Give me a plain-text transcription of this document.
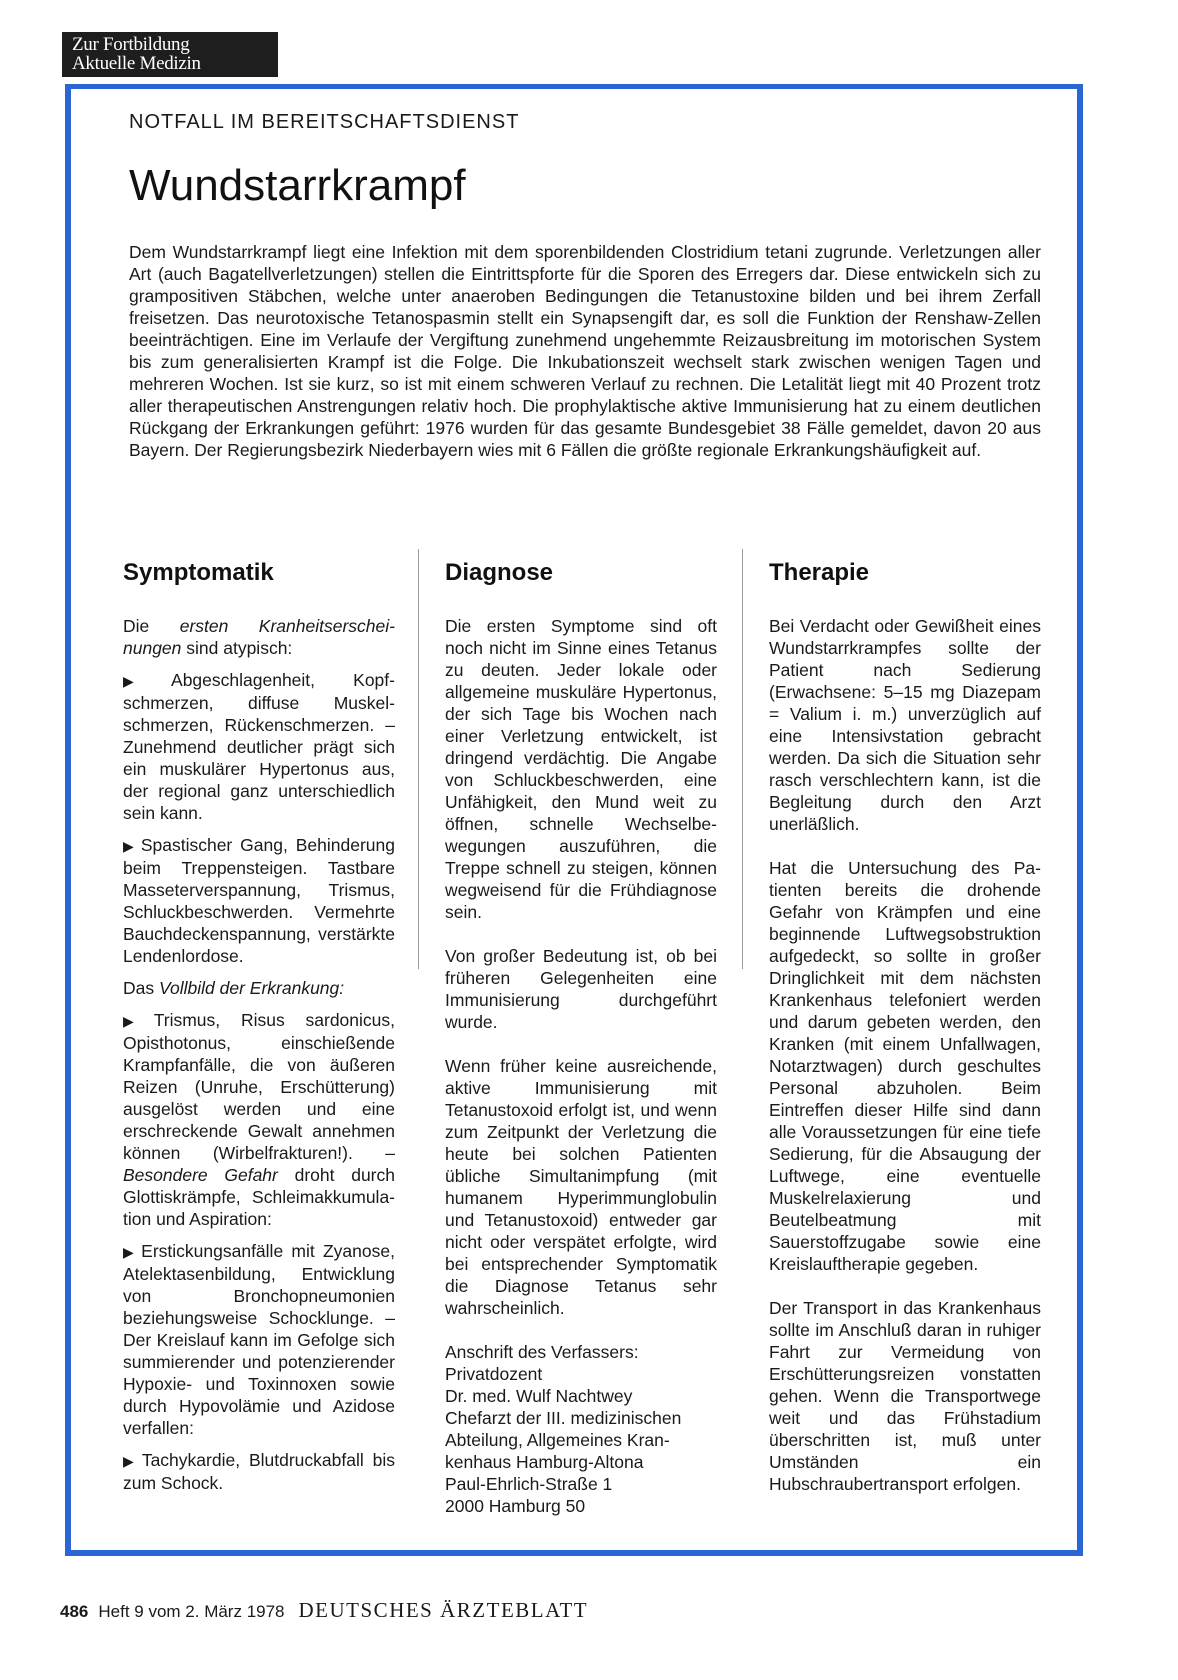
Zur Fortbildung
Aktuelle Medizin
NOTFALL IM BEREITSCHAFTSDIENST
Wundstarrkrampf

Dem Wundstarrkrampf liegt eine Infektion mit dem sporenbildenden Clostridium tetani zugrunde. Verletzungen aller Art (auch Bagatellverletzungen) stellen die Eintrittspforte für die Sporen des Erregers dar. Diese entwickeln sich zu grampositiven Stäbchen, welche unter anaeroben Bedingungen die Tetanustoxine bilden und bei ihrem Zerfall freisetzen. Das neurotoxische Tetanospasmin stellt ein Synapsengift dar, es soll die Funktion der Renshaw-Zellen beeinträchtigen. Eine im Verlaufe der Vergiftung zunehmend ungehemmte Reizausbreitung im motorischen System bis zum generalisierten Krampf ist die Folge. Die Inkubationszeit wechselt stark zwischen wenigen Tagen und mehreren Wochen. Ist sie kurz, so ist mit einem schweren Verlauf zu rechnen. Die Letalität liegt mit 40 Prozent trotz aller therapeutischen Anstrengungen relativ hoch. Die prophylaktische aktive Immunisierung hat zu einem deutlichen Rückgang der Erkrankungen geführt: 1976 wurden für das gesamte Bundesgebiet 38 Fälle gemeldet, davon 20 aus Bayern. Der Regierungsbezirk Niederbayern wies mit 6 Fällen die größte regionale Erkrankungshäufigkeit auf.

Symptomatik

Die ersten Kranheitserscheinungen sind atypisch:

▶ Abgeschlagenheit, Kopfschmerzen, diffuse Muskelschmerzen, Rückenschmerzen. – Zunehmend deutlicher prägt sich ein muskulärer Hypertonus aus, der regional ganz unterschiedlich sein kann.

▶ Spastischer Gang, Behinderung beim Treppensteigen. Tastbare Masseterverspannung, Trismus, Schluckbeschwerden. Vermehrte Bauchdeckenspannung, verstärkte Lendenlordose.

Das Vollbild der Erkrankung:

▶ Trismus, Risus sardonicus, Opisthotonus, einschießende Krampfanfälle, die von äußeren Reizen (Unruhe, Erschütterung) ausgelöst werden und eine erschreckende Gewalt annehmen können (Wirbelfrakturen!). – Besondere Gefahr droht durch Glottiskrämpfe, Schleimakkumulation und Aspiration:

▶ Erstickungsanfälle mit Zyanose, Atelektasenbildung, Entwicklung von Bronchopneumonien beziehungsweise Schocklunge. – Der Kreislauf kann im Gefolge sich summierender und potenzierender Hypoxie- und Toxinnoxen sowie durch Hypovolämie und Azidose verfallen:

▶ Tachykardie, Blutdruckabfall bis zum Schock.

Diagnose

Die ersten Symptome sind oft noch nicht im Sinne eines Tetanus zu deuten. Jeder lokale oder allgemeine muskuläre Hypertonus, der sich Tage bis Wochen nach einer Verletzung entwickelt, ist dringend verdächtig. Die Angabe von Schluckbeschwerden, eine Unfähigkeit, den Mund weit zu öffnen, schnelle Wechselbewegungen auszuführen, die Treppe schnell zu steigen, können wegweisend für die Frühdiagnose sein.

Von großer Bedeutung ist, ob bei früheren Gelegenheiten eine Immunisierung durchgeführt wurde.

Wenn früher keine ausreichende, aktive Immunisierung mit Tetanustoxoid erfolgt ist, und wenn zum Zeitpunkt der Verletzung die heute bei solchen Patienten übliche Simultanimpfung (mit humanem Hyperimmunglobulin und Tetanustoxoid) entweder gar nicht oder verspätet erfolgte, wird bei entsprechender Symptomatik die Diagnose Tetanus sehr wahrscheinlich.

Anschrift des Verfassers:
Privatdozent
Dr. med. Wulf Nachtwey
Chefarzt der III. medizinischen
Abteilung, Allgemeines Krankenhaus Hamburg-Altona
Paul-Ehrlich-Straße 1
2000 Hamburg 50

Therapie

Bei Verdacht oder Gewißheit eines Wundstarrkrampfes sollte der Patient nach Sedierung (Erwachsene: 5–15 mg Diazepam = Valium i. m.) unverzüglich auf eine Intensivstation gebracht werden. Da sich die Situation sehr rasch verschlechtern kann, ist die Begleitung durch den Arzt unerläßlich.

Hat die Untersuchung des Patienten bereits die drohende Gefahr von Krämpfen und eine beginnende Luftwegsobstruktion aufgedeckt, so sollte in großer Dringlichkeit mit dem nächsten Krankenhaus telefoniert werden und darum gebeten werden, den Kranken (mit einem Unfallwagen, Notarztwagen) durch geschultes Personal abzuholen. Beim Eintreffen dieser Hilfe sind dann alle Voraussetzungen für eine tiefe Sedierung, für die Absaugung der Luftwege, eine eventuelle Muskelrelaxierung und Beutelbeatmung mit Sauerstoffzugabe sowie eine Kreislauftherapie gegeben.

Der Transport in das Krankenhaus sollte im Anschluß daran in ruhiger Fahrt zur Vermeidung von Erschütterungsreizen vonstatten gehen. Wenn die Transportwege weit und das Frühstadium überschritten ist, muß unter Umständen ein Hubschraubertransport erfolgen.

486 Heft 9 vom 2. März 1978 DEUTSCHES ÄRZTEBLATT
